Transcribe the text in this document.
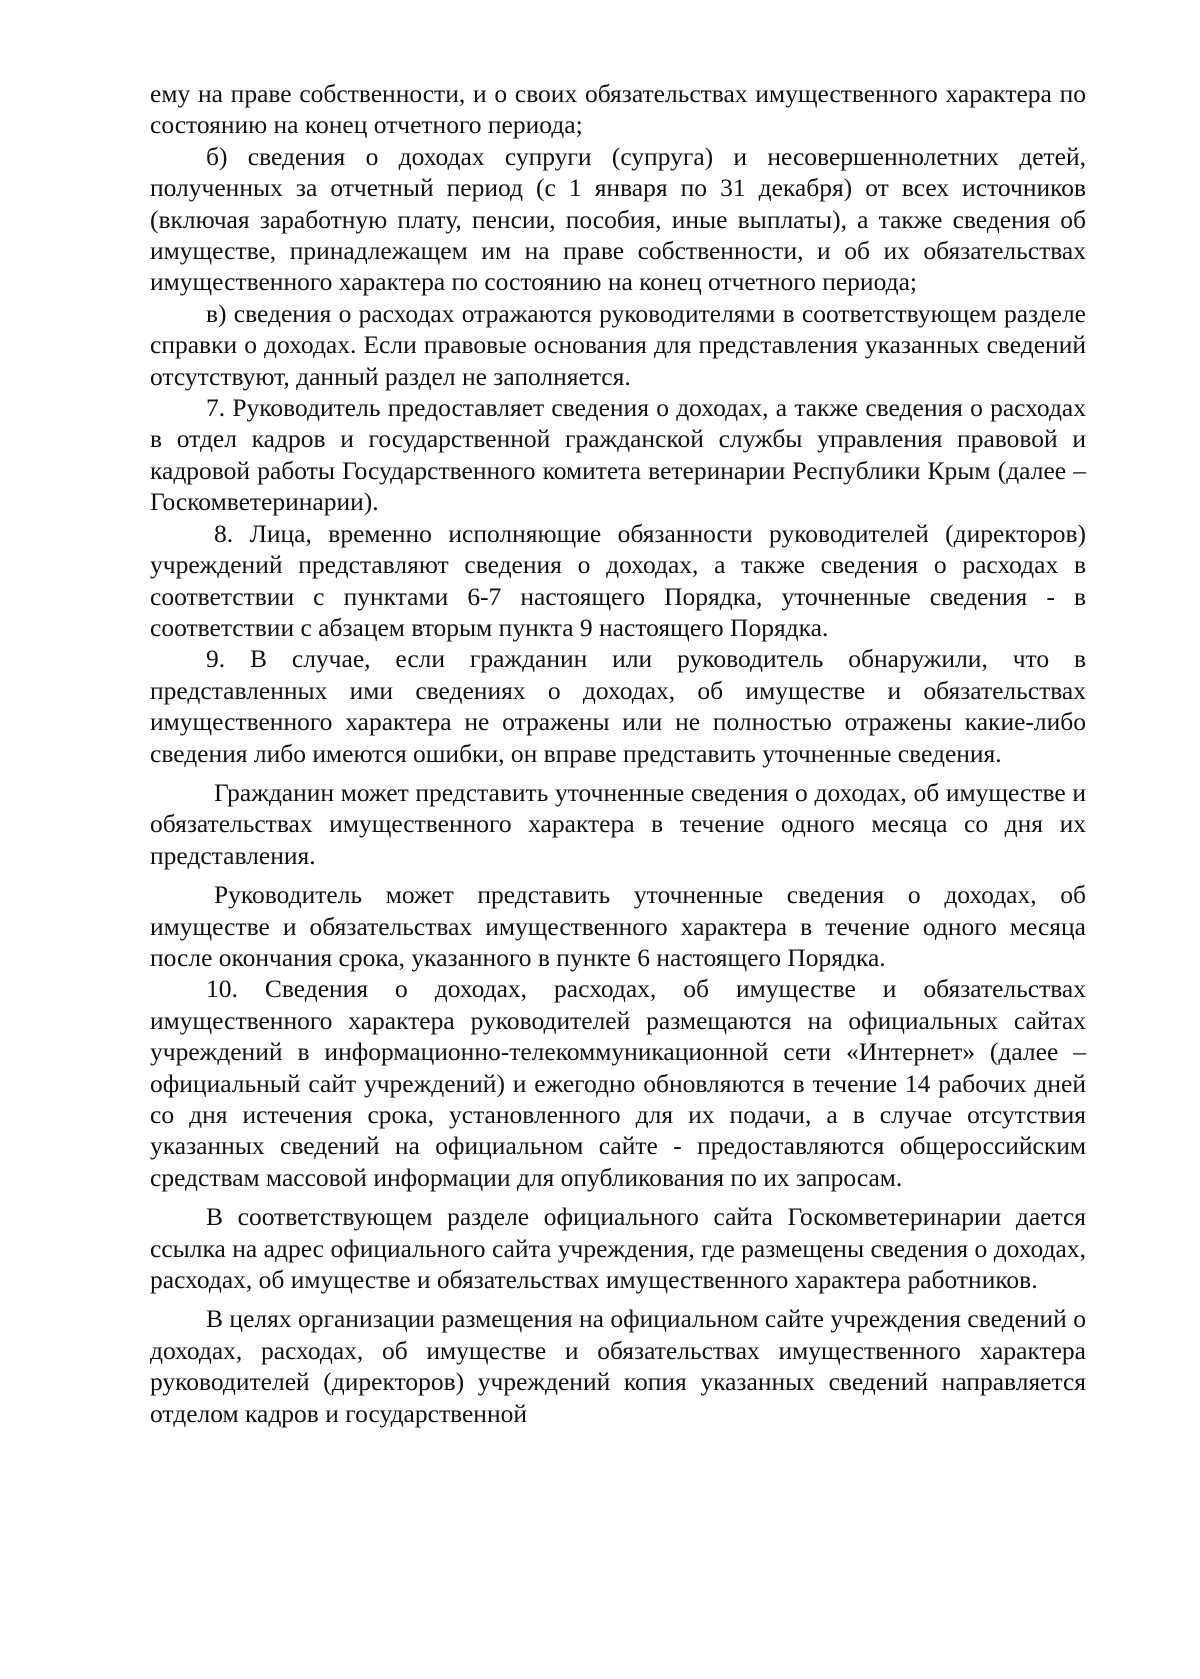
ему на праве собственности, и о своих обязательствах имущественного характера по состоянию на конец отчетного периода;

б) сведения о доходах супруги (супруга) и несовершеннолетних детей, полученных за отчетный период (с 1 января по 31 декабря) от всех источников (включая заработную плату, пенсии, пособия, иные выплаты), а также сведения об имуществе, принадлежащем им на праве собственности, и об их обязательствах имущественного характера по состоянию на конец отчетного периода;

в) сведения о расходах отражаются руководителями в соответствующем разделе справки о доходах. Если правовые основания для представления указанных сведений отсутствуют, данный раздел не заполняется.

7. Руководитель предоставляет сведения о доходах, а также сведения о расходах в отдел кадров и государственной гражданской службы управления правовой и кадровой работы Государственного комитета ветеринарии Республики Крым (далее – Госкомветеринарии).

8. Лица, временно исполняющие обязанности руководителей (директоров) учреждений представляют сведения о доходах, а также сведения о расходах в соответствии с пунктами 6-7 настоящего Порядка, уточненные сведения - в соответствии с абзацем вторым пункта 9 настоящего Порядка.

9. В случае, если гражданин или руководитель обнаружили, что в представленных ими сведениях о доходах, об имуществе и обязательствах имущественного характера не отражены или не полностью отражены какие-либо сведения либо имеются ошибки, он вправе представить уточненные сведения.

Гражданин может представить уточненные сведения о доходах, об имуществе и обязательствах имущественного характера в течение одного месяца со дня их представления.

Руководитель может представить уточненные сведения о доходах, об имуществе и обязательствах имущественного характера в течение одного месяца после окончания срока, указанного в пункте 6 настоящего Порядка.

10. Сведения о доходах, расходах, об имуществе и обязательствах имущественного характера руководителей размещаются на официальных сайтах учреждений в информационно-телекоммуникационной сети «Интернет» (далее – официальный сайт учреждений) и ежегодно обновляются в течение 14 рабочих дней со дня истечения срока, установленного для их подачи, а в случае отсутствия указанных сведений на официальном сайте - предоставляются общероссийским средствам массовой информации для опубликования по их запросам.

В соответствующем разделе официального сайта Госкомветеринарии дается ссылка на адрес официального сайта учреждения, где размещены сведения о доходах, расходах, об имуществе и обязательствах имущественного характера работников.

В целях организации размещения на официальном сайте учреждения сведений о доходах, расходах, об имуществе и обязательствах имущественного характера руководителей (директоров) учреждений копия указанных сведений направляется отделом кадров и государственной
